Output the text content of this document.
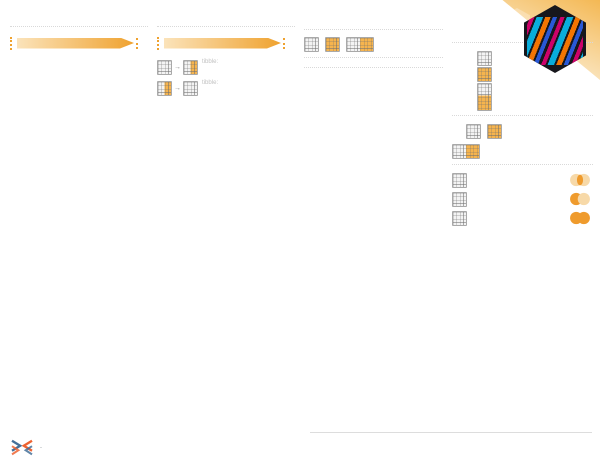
→
tibble:

→
tibble:

·
